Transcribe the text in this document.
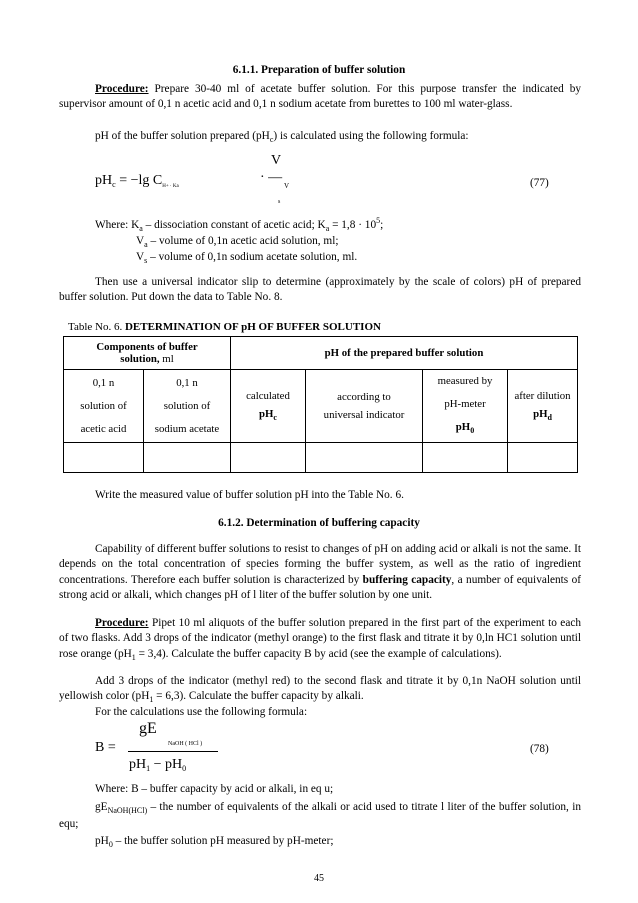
6.1.1. Preparation of buffer solution
Procedure: Prepare 30-40 ml of acetate buffer solution. For this purpose transfer the indicated by supervisor amount of 0,1 n acetic acid and 0,1 n sodium acetate from burettes to 100 ml water-glass.
pH of the buffer solution prepared $(pH_c)$ is calculated using the following formula:
V
$pH_c = -\lg$ $C_{H+ \cdot Ka}$
· —
V
s
(77)
Where: $K_a$ – dissociation constant of acetic acid; $K_a = 1,8 \cdot 10^5$;
$V_a$ – volume of 0,1n acetic acid solution, ml;
$V_s$ – volume of 0,1n sodium acetate solution, ml.
Then use a universal indicator slip to determine (approximately by the scale of colors) pH of prepared buffer solution. Put down the data to Table No. 8.
Table No. 6. DETERMINATION OF pH OF BUFFER SOLUTION
Components of buffer
solution, ml		pH of the prepared buffer solution			

0,1 n
solution of
acetic acid	0,1 n
solution of
sodium acetate	calculated
$pH_c$	according to
universal indicator	measured by
pH-meter
$pH_0$	after dilution
$pH_d$

Write the measured value of buffer solution pH into the Table No. 6.
6.1.2. Determination of buffering capacity
Capability of different buffer solutions to resist to changes of pH on adding acid or alkali is not the same. It depends on the total concentration of species forming the buffer system, as well as the ratio of ingredient concentrations. Therefore each buffer solution is characterized by buffering capacity, a number of equivalents of strong acid or alkali, which changes pH of l liter of the buffer solution by one unit.
Procedure: Pipet 10 ml aliquots of the buffer solution prepared in the first part of the experiment to each of two flasks. Add 3 drops of the indicator (methyl orange) to the first flask and titrate it by 0,ln HC1 solution until rose orange $(pH_1 = 3,4)$. Calculate the buffer capacity B by acid (see the example of calculations).
Add 3 drops of the indicator (methyl red) to the second flask and titrate it by 0,1n NaOH solution until yellowish color $(pH_1 = 6,3)$. Calculate the buffer capacity by alkali.
For the calculations use the following formula:
gE
NaOH ( HCl )
B =
$pH_1 - pH_0$
(78)
Where: B – buffer capacity by acid or alkali, in eq u;
$gE_{NaOH(HCl)}$ – the number of equivalents of the alkali or acid used to titrate l liter of the buffer solution, in equ;
$pH_0$ – the buffer solution pH measured by pH-meter;
45
